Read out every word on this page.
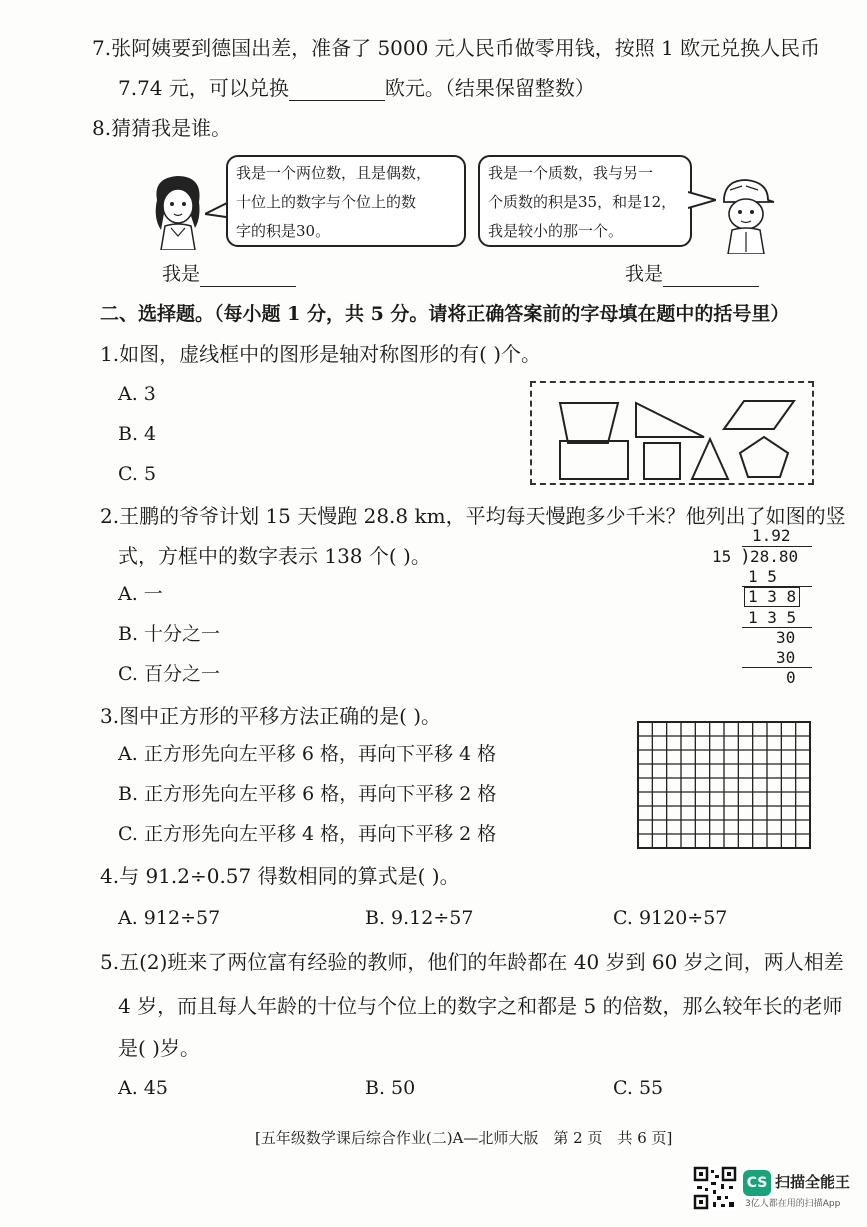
7.张阿姨要到德国出差，准备了 5000 元人民币做零用钱，按照 1 欧元兑换人民币
7.74 元，可以兑换	欧元。（结果保留整数）
8.猜猜我是谁。
我是一个两位数，且是偶数，
十位上的数字与个位上的数
字的积是30。
我是一个质数，我与另一
个质数的积是35，和是12，
我是较小的那一个。
我是	我是
二、选择题。（每小题 1 分，共 5 分。请将正确答案前的字母填在题中的括号里）
1.如图，虚线框中的图形是轴对称图形的有( )个。
A. 3
B. 4
C. 5
2.王鹏的爷爷计划 15 天慢跑 28.8 km，平均每天慢跑多少千米？他列出了如图的竖
式，方框中的数字表示 138 个( )。
A. 一
B. 十分之一
C. 百分之一
1.92
15 ) 28.80
1 5
1 3 8
1 3 5
30
30
0
3.图中正方形的平移方法正确的是( )。
A. 正方形先向左平移 6 格，再向下平移 4 格
B. 正方形先向左平移 6 格，再向下平移 2 格
C. 正方形先向左平移 4 格，再向下平移 2 格
4.与 91.2÷0.57 得数相同的算式是( )。
A. 912÷57	B. 9.12÷57	C. 9120÷57
5.五(2)班来了两位富有经验的教师，他们的年龄都在 40 岁到 60 岁之间，两人相差
4 岁，而且每人年龄的十位与个位上的数字之和都是 5 的倍数，那么较年长的老师
是( )岁。
A. 45	B. 50	C. 55
[五年级数学课后综合作业(二)A—北师大版　第 2 页　共 6 页]
CS 扫描全能王
3亿人都在用的扫描App
